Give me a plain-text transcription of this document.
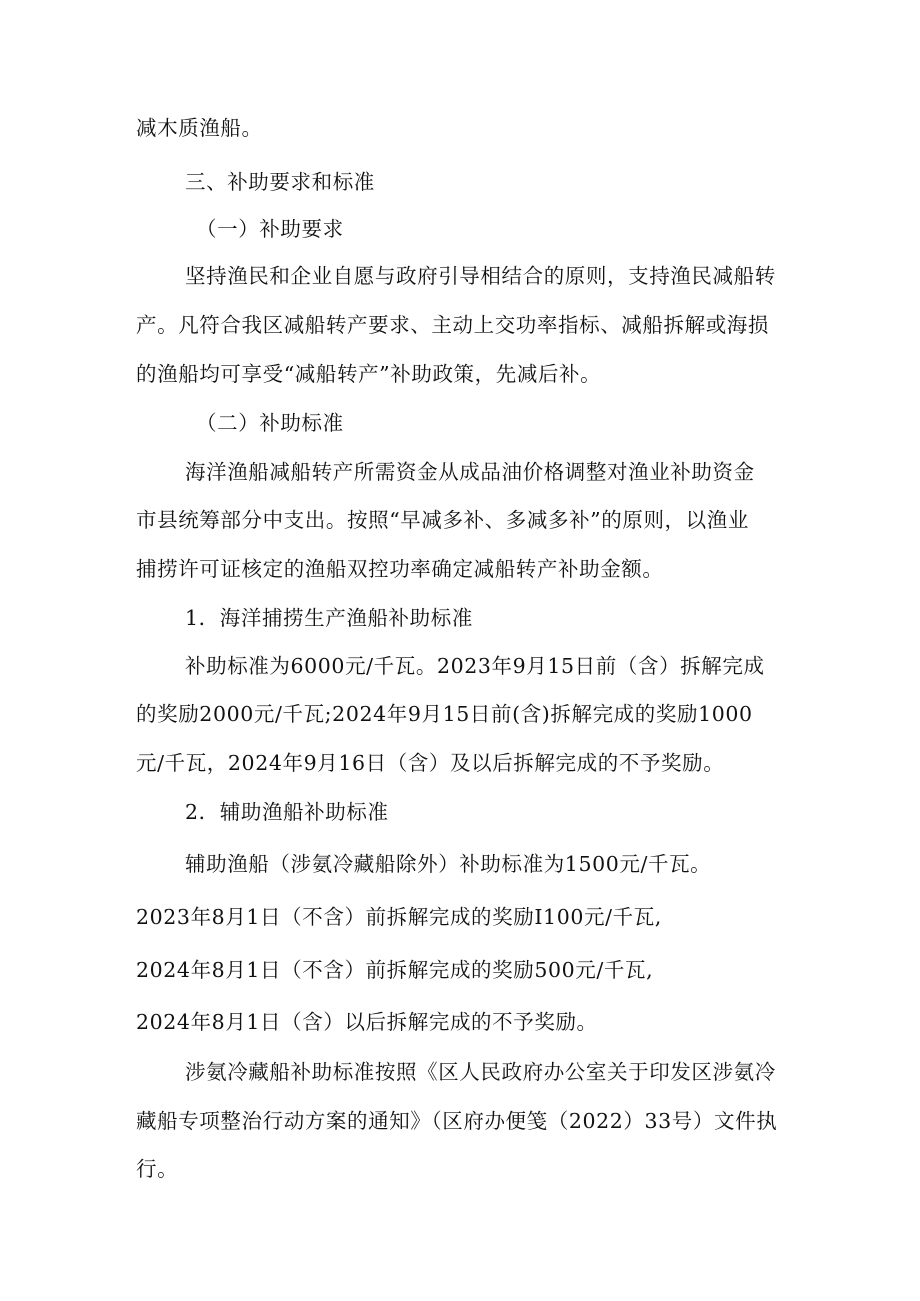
减木质渔船。
三、补助要求和标准
（一）补助要求
坚持渔民和企业自愿与政府引导相结合的原则，支持渔民减船转
产。凡符合我区减船转产要求、主动上交功率指标、减船拆解或海损
的渔船均可享受“减船转产”补助政策，先减后补。
（二）补助标准
海洋渔船减船转产所需资金从成品油价格调整对渔业补助资金
市县统筹部分中支出。按照“早减多补、多减多补”的原则，以渔业
捕捞许可证核定的渔船双控功率确定减船转产补助金额。
1．海洋捕捞生产渔船补助标准
补助标准为6000元/千瓦。2023年9月15日前（含）拆解完成
的奖励2000元/千瓦;2024年9月15日前(含)拆解完成的奖励1000
元/千瓦，2024年9月16日（含）及以后拆解完成的不予奖励。
2．辅助渔船补助标准
辅助渔船（涉氨冷藏船除外）补助标准为1500元/千瓦。
2023年8月1日（不含）前拆解完成的奖励I100元/千瓦,
2024年8月1日（不含）前拆解完成的奖励500元/千瓦,
2024年8月1日（含）以后拆解完成的不予奖励。
涉氨冷藏船补助标准按照《区人民政府办公室关于印发区涉氨冷
藏船专项整治行动方案的通知》（区府办便笺（2022）33号）文件执
行。
